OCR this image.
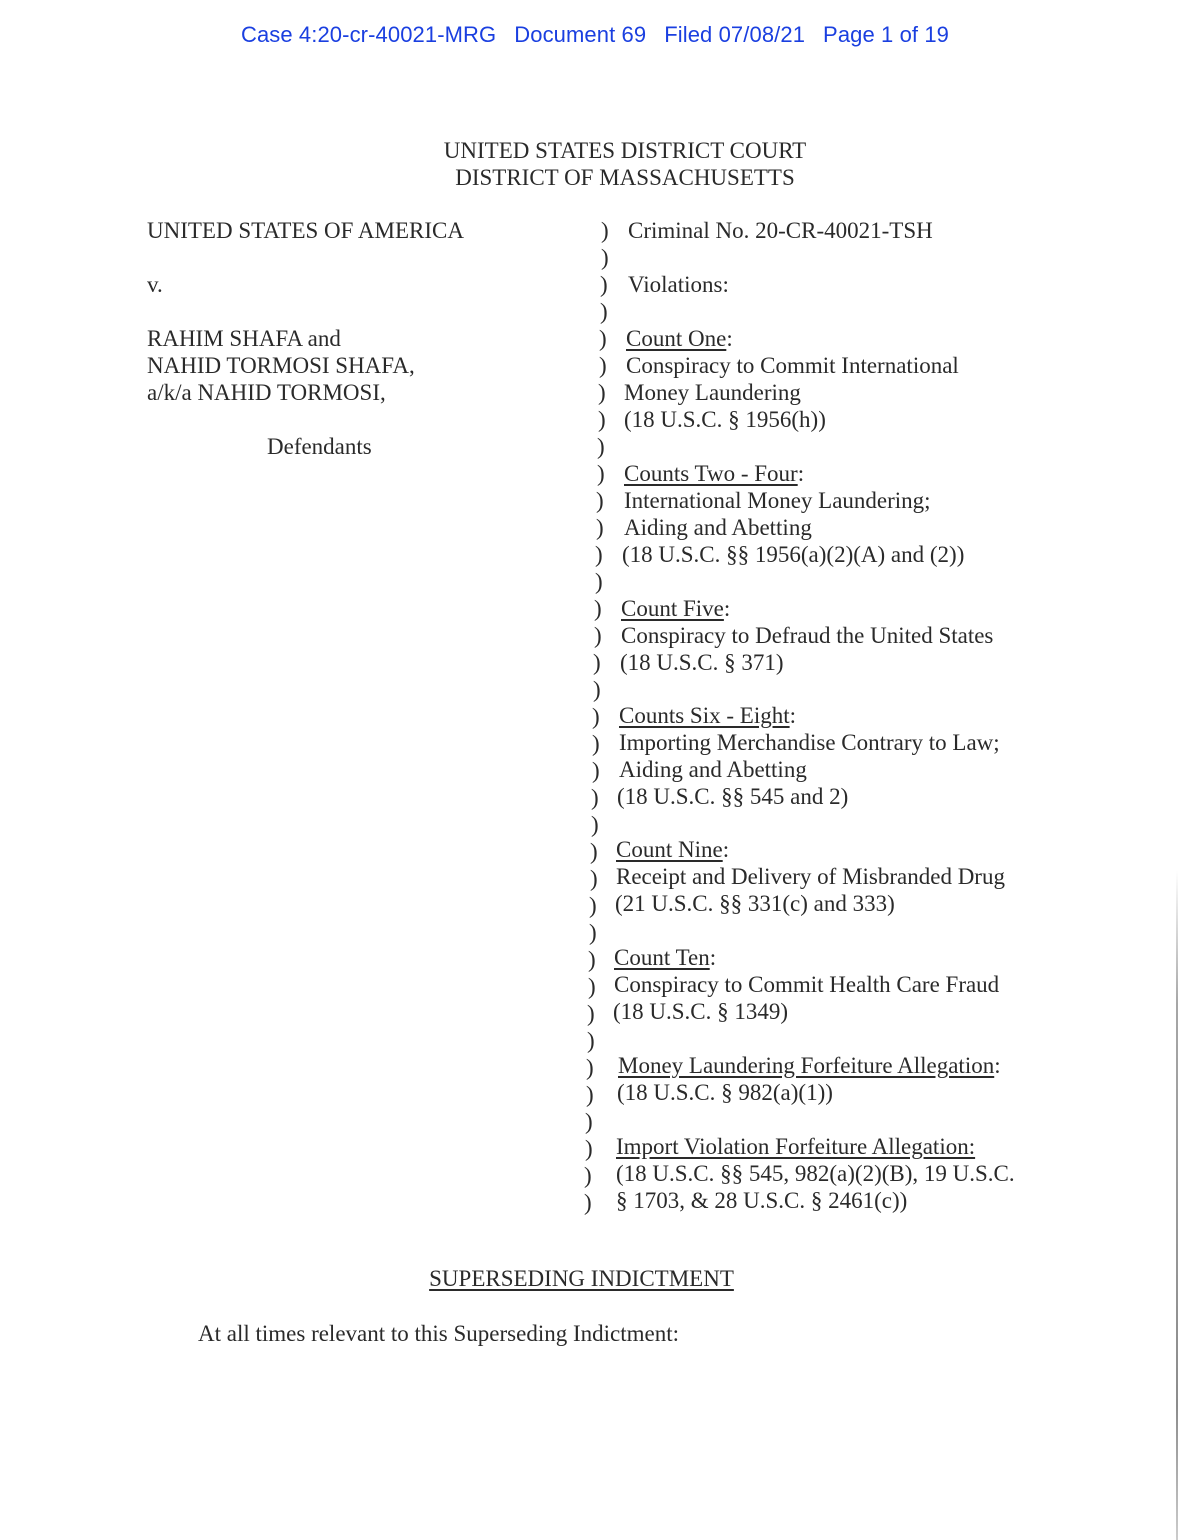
Case 4:20-cr-40021-MRG Document 69 Filed 07/08/21 Page 1 of 19
UNITED STATES DISTRICT COURT
DISTRICT OF MASSACHUSETTS
UNITED STATES OF AMERICA
v.
RAHIM SHAFA and
NAHID TORMOSI SHAFA,
a/k/a NAHID TORMOSI,
Defendants
)
)
)
)
)
)
)
)
)
)
)
)
)
)
)
)
)
)
)
)
)
)
)
)
)
)
)
)
)
)
)
)
)
)
)
)
)
Criminal No. 20-CR-40021-TSH
Violations:
Count One:
Conspiracy to Commit International
Money Laundering
(18 U.S.C. § 1956(h))
Counts Two - Four:
International Money Laundering;
Aiding and Abetting
(18 U.S.C. §§ 1956(a)(2)(A) and (2))
Count Five:
Conspiracy to Defraud the United States
(18 U.S.C. § 371)
Counts Six - Eight:
Importing Merchandise Contrary to Law;
Aiding and Abetting
(18 U.S.C. §§ 545 and 2)
Count Nine:
Receipt and Delivery of Misbranded Drug
(21 U.S.C. §§ 331(c) and 333)
Count Ten:
Conspiracy to Commit Health Care Fraud
(18 U.S.C. § 1349)
Money Laundering Forfeiture Allegation:
(18 U.S.C. § 982(a)(1))
Import Violation Forfeiture Allegation:
(18 U.S.C. §§ 545, 982(a)(2)(B), 19 U.S.C.
§ 1703, & 28 U.S.C. § 2461(c))
SUPERSEDING INDICTMENT
At all times relevant to this Superseding Indictment:
